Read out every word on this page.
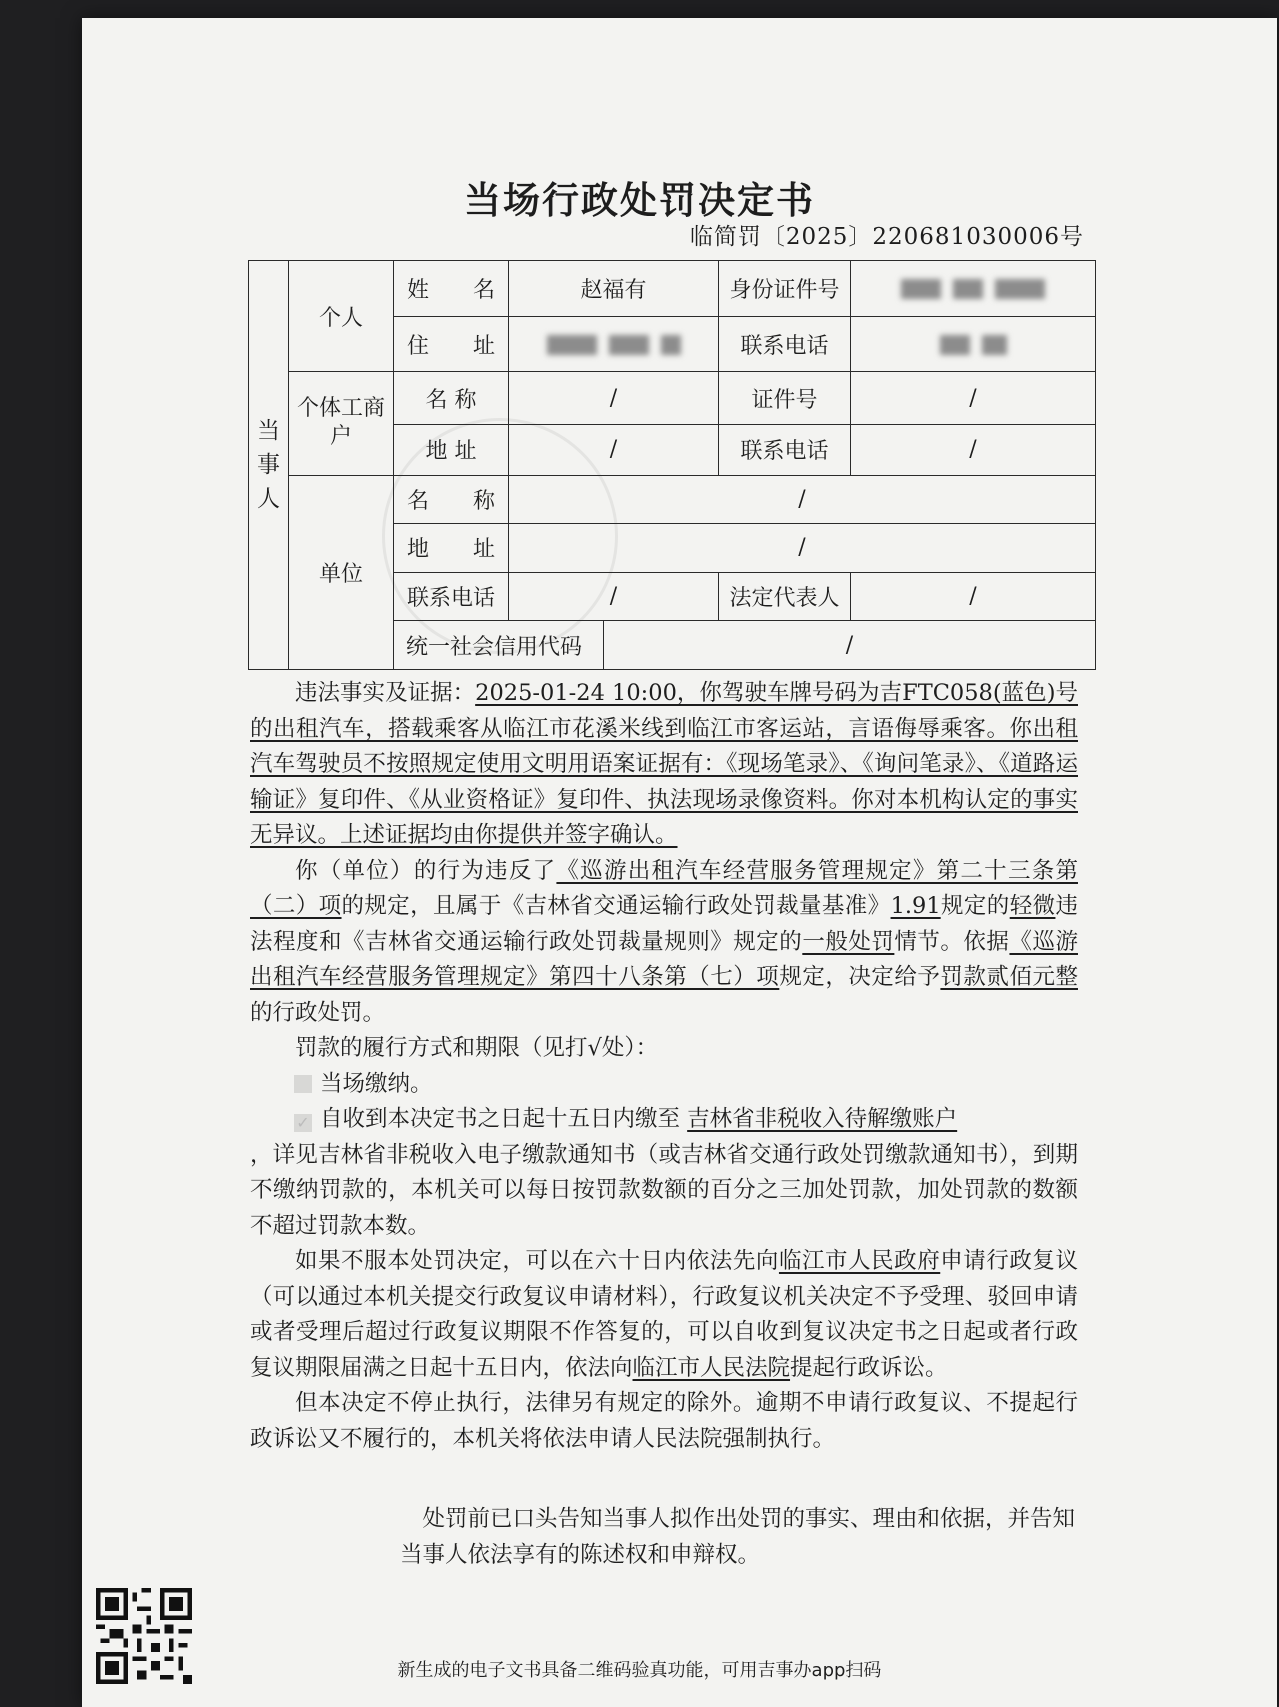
当场行政处罚决定书
临简罚〔2025〕220681030006号
当事人	个人	姓　　名	赵福有		身份证件号	
		住　　址			联系电话	
	个体工商户	名 称	/		证件号	/
		地 址	/		联系电话	/
	单位	名　　称	/			
		地　　址	/			
		联系电话	/		法定代表人	/
		统一社会信用代码		/		

违法事实及证据：2025-01-24 10:00，你驾驶车牌号码为吉FTC058(蓝色)号的出租汽车，搭载乘客从临江市花溪米线到临江市客运站，言语侮辱乘客。你出租汽车驾驶员不按照规定使用文明用语案证据有：《现场笔录》、《询问笔录》、《道路运输证》复印件、《从业资格证》复印件、执法现场录像资料。你对本机构认定的事实无异议。上述证据均由你提供并签字确认。

你（单位）的行为违反了《巡游出租汽车经营服务管理规定》第二十三条第（二）项的规定，且属于《吉林省交通运输行政处罚裁量基准》1.91规定的轻微违法程度和《吉林省交通运输行政处罚裁量规则》规定的一般处罚情节。依据《巡游出租汽车经营服务管理规定》第四十八条第（七）项规定，决定给予罚款贰佰元整的行政处罚。

罚款的履行方式和期限（见打√处）：

当场缴纳。
✓ 自收到本决定书之日起十五日内缴至 吉林省非税收入待解缴账户
，详见吉林省非税收入电子缴款通知书（或吉林省交通行政处罚缴款通知书），到期不缴纳罚款的，本机关可以每日按罚款数额的百分之三加处罚款，加处罚款的数额不超过罚款本数。

如果不服本处罚决定，可以在六十日内依法先向临江市人民政府申请行政复议（可以通过本机关提交行政复议申请材料），行政复议机关决定不予受理、驳回申请或者受理后超过行政复议期限不作答复的，可以自收到复议决定书之日起或者行政复议期限届满之日起十五日内，依法向临江市人民法院提起行政诉讼。

但本决定不停止执行，法律另有规定的除外。逾期不申请行政复议、不提起行政诉讼又不履行的，本机关将依法申请人民法院强制执行。

处罚前已口头告知当事人拟作出处罚的事实、理由和依据，并告知当事人依法享有的陈述权和申辩权。

新生成的电子文书具备二维码验真功能，可用吉事办app扫码
